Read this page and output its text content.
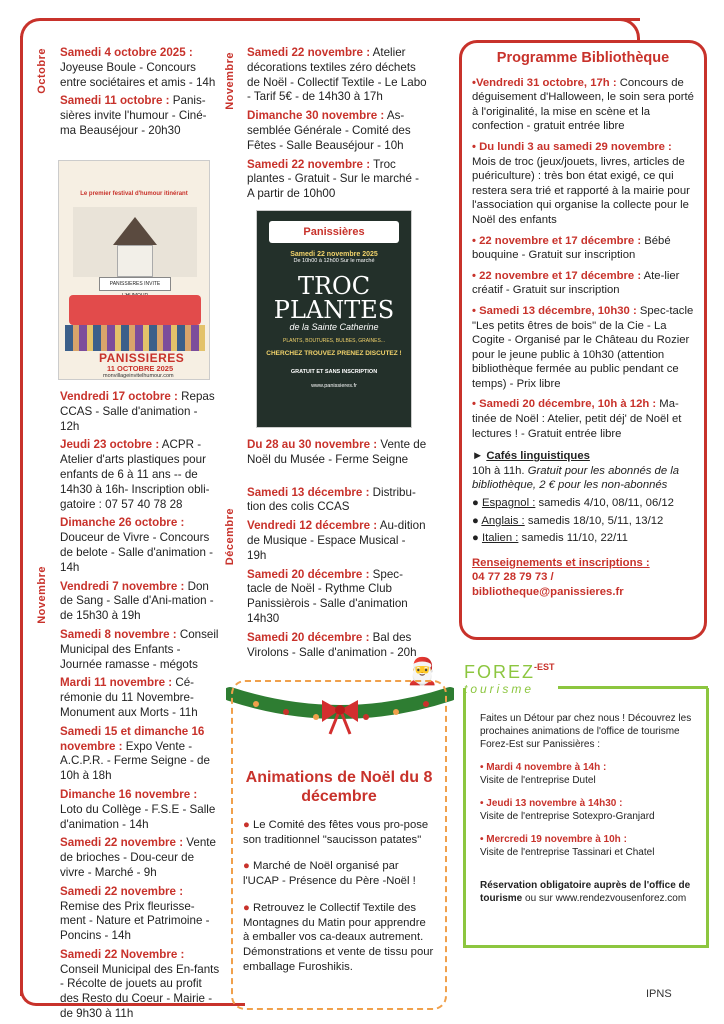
Octobre
Novembre
Novembre
Décembre
Samedi 4 octobre 2025 : Joyeuse Boule - Concours entre sociétaires et amis - 14h
Samedi 11 octobre : Panis-sières invite l'humour - Ciné-ma Beauséjour - 20h30
Le premier festival d'humour itinérant
PANISSIERES INVITE
PANISSIERES
11 OCTOBRE 2025
monvillageinvitelhumour.com
Vendredi 17 octobre : Repas CCAS - Salle d'animation - 12h
Jeudi 23 octobre : ACPR - Atelier d'arts plastiques pour enfants de 6 à 11 ans -- de 14h30 à 16h- Inscription obli-gatoire : 07 57 40 78 28
Dimanche 26 octobre : Douceur de Vivre - Concours de belote - Salle d'animation - 14h
Vendredi 7 novembre : Don de Sang - Salle d'Ani-mation - de 15h30 à 19h
Samedi 8 novembre : Conseil Municipal des Enfants - Journée ramasse - mégots
Mardi 11 novembre : Cé-rémonie du 11 Novembre-Monument aux Morts - 11h
Samedi 15 et dimanche 16 novembre : Expo Vente - A.C.P.R. - Ferme Seigne - de 10h à 18h
Dimanche 16 novembre : Loto du Collège - F.S.E - Salle d'animation - 14h
Samedi 22 novembre : Vente de brioches - Dou-ceur de vivre - Marché - 9h
Samedi 22 novembre : Remise des Prix fleurisse-ment - Nature et Patrimoine - Poncins - 14h
Samedi 22 Novembre : Conseil Municipal des En-fants - Récolte de jouets au profit des Resto du Coeur - Mairie - de 9h30 à 11h
Samedi 22 novembre : Atelier décorations textiles zéro déchets de Noël - Collectif Textile - Le Labo - Tarif 5€ - de 14h30 à 17h
Dimanche 30 novembre : As-semblée Générale - Comité des Fêtes - Salle Beauséjour - 10h
Samedi 22 novembre : Troc plantes - Gratuit - Sur le marché - A partir de 10h00
Panissières
Samedi 22 novembre 2025
De 10h00 à 12h00 Sur le marché
TROC
PLANTES
de la Sainte Catherine
PLANTS, BOUTURES, BULBES, GRAINES...
CHERCHEZ TROUVEZ PRENEZ DISCUTEZ !
GRATUIT ET SANS INSCRIPTION
www.panissieres.fr
Du 28 au 30 novembre : Vente de Noël du Musée - Ferme Seigne
Samedi 13 décembre : Distribu-tion des colis CCAS
Vendredi 12 décembre : Au-dition de Musique - Espace Musical - 19h
Samedi 20 décembre : Spec-tacle de Noël - Rythme Club Panissièrois - Salle d'animation 14h30
Samedi 20 décembre : Bal des Virolons - Salle d'animation - 20h
Programme Bibliothèque
•Vendredi 31 octobre, 17h : Concours de déguisement d'Halloween, le soin sera porté à l'originalité, la mise en scène et la confection - gratuit entrée libre
• Du lundi 3 au samedi 29 novembre : Mois de troc (jeux/jouets, livres, articles de puériculture) : très bon état exigé, ce qui restera sera trié et rapporté à la mairie pour l'association qui organise la collecte pour le Noël des enfants
• 22 novembre et 17 décembre : Bébé bouquine - Gratuit sur inscription
• 22 novembre et 17 décembre : Ate-lier créatif - Gratuit sur inscription
• Samedi 13 décembre, 10h30 : Spec-tacle "Les petits êtres de bois" de la Cie - La Cogite - Organisé par le Château du Rozier pour le jeune public à 10h30 (attention bibliothèque fermée au public pendant ce temps) - Prix libre
• Samedi 20 décembre, 10h à 12h : Ma-tinée de Noël : Atelier, petit déj' de Noël et lectures ! - Gratuit entrée libre
► Cafés linguistiques
10h à 11h. Gratuit pour les abonnés de la bibliothèque, 2 € pour les non-abonnés
● Espagnol : samedis 4/10, 08/11, 06/12
● Anglais : samedis 18/10, 5/11, 13/12
● Italien : samedis 11/10, 22/11
Renseignements et inscriptions :
04 77 28 79 73 /
bibliotheque@panissieres.fr
🎅
Animations de Noël du 8 décembre

● Le Comité des fêtes vous pro-pose son traditionnel "saucisson patates"

● Marché de Noël organisé par l'UCAP - Présence du Père -Noël !

● Retrouvez le Collectif Textile des Montagnes du Matin pour apprendre à emballer vos ca-deaux autrement. Démonstrations et vente de tissu pour emballage Furoshikis.

FOREZ -EST
tourisme
Faites un Détour par chez nous ! Découvrez les prochaines animations de l'office de tourisme Forez-Est sur Panissières :
• Mardi 4 novembre à 14h :
Visite de l'entreprise Dutel
• Jeudi 13 novembre à 14h30 :
Visite de l'entreprise Sotexpro-Granjard
• Mercredi 19 novembre à 10h :
Visite de l'entreprise Tassinari et Chatel
Réservation obligatoire auprès de l'office de tourisme ou sur www.rendezvousenforez.com
IPNS
